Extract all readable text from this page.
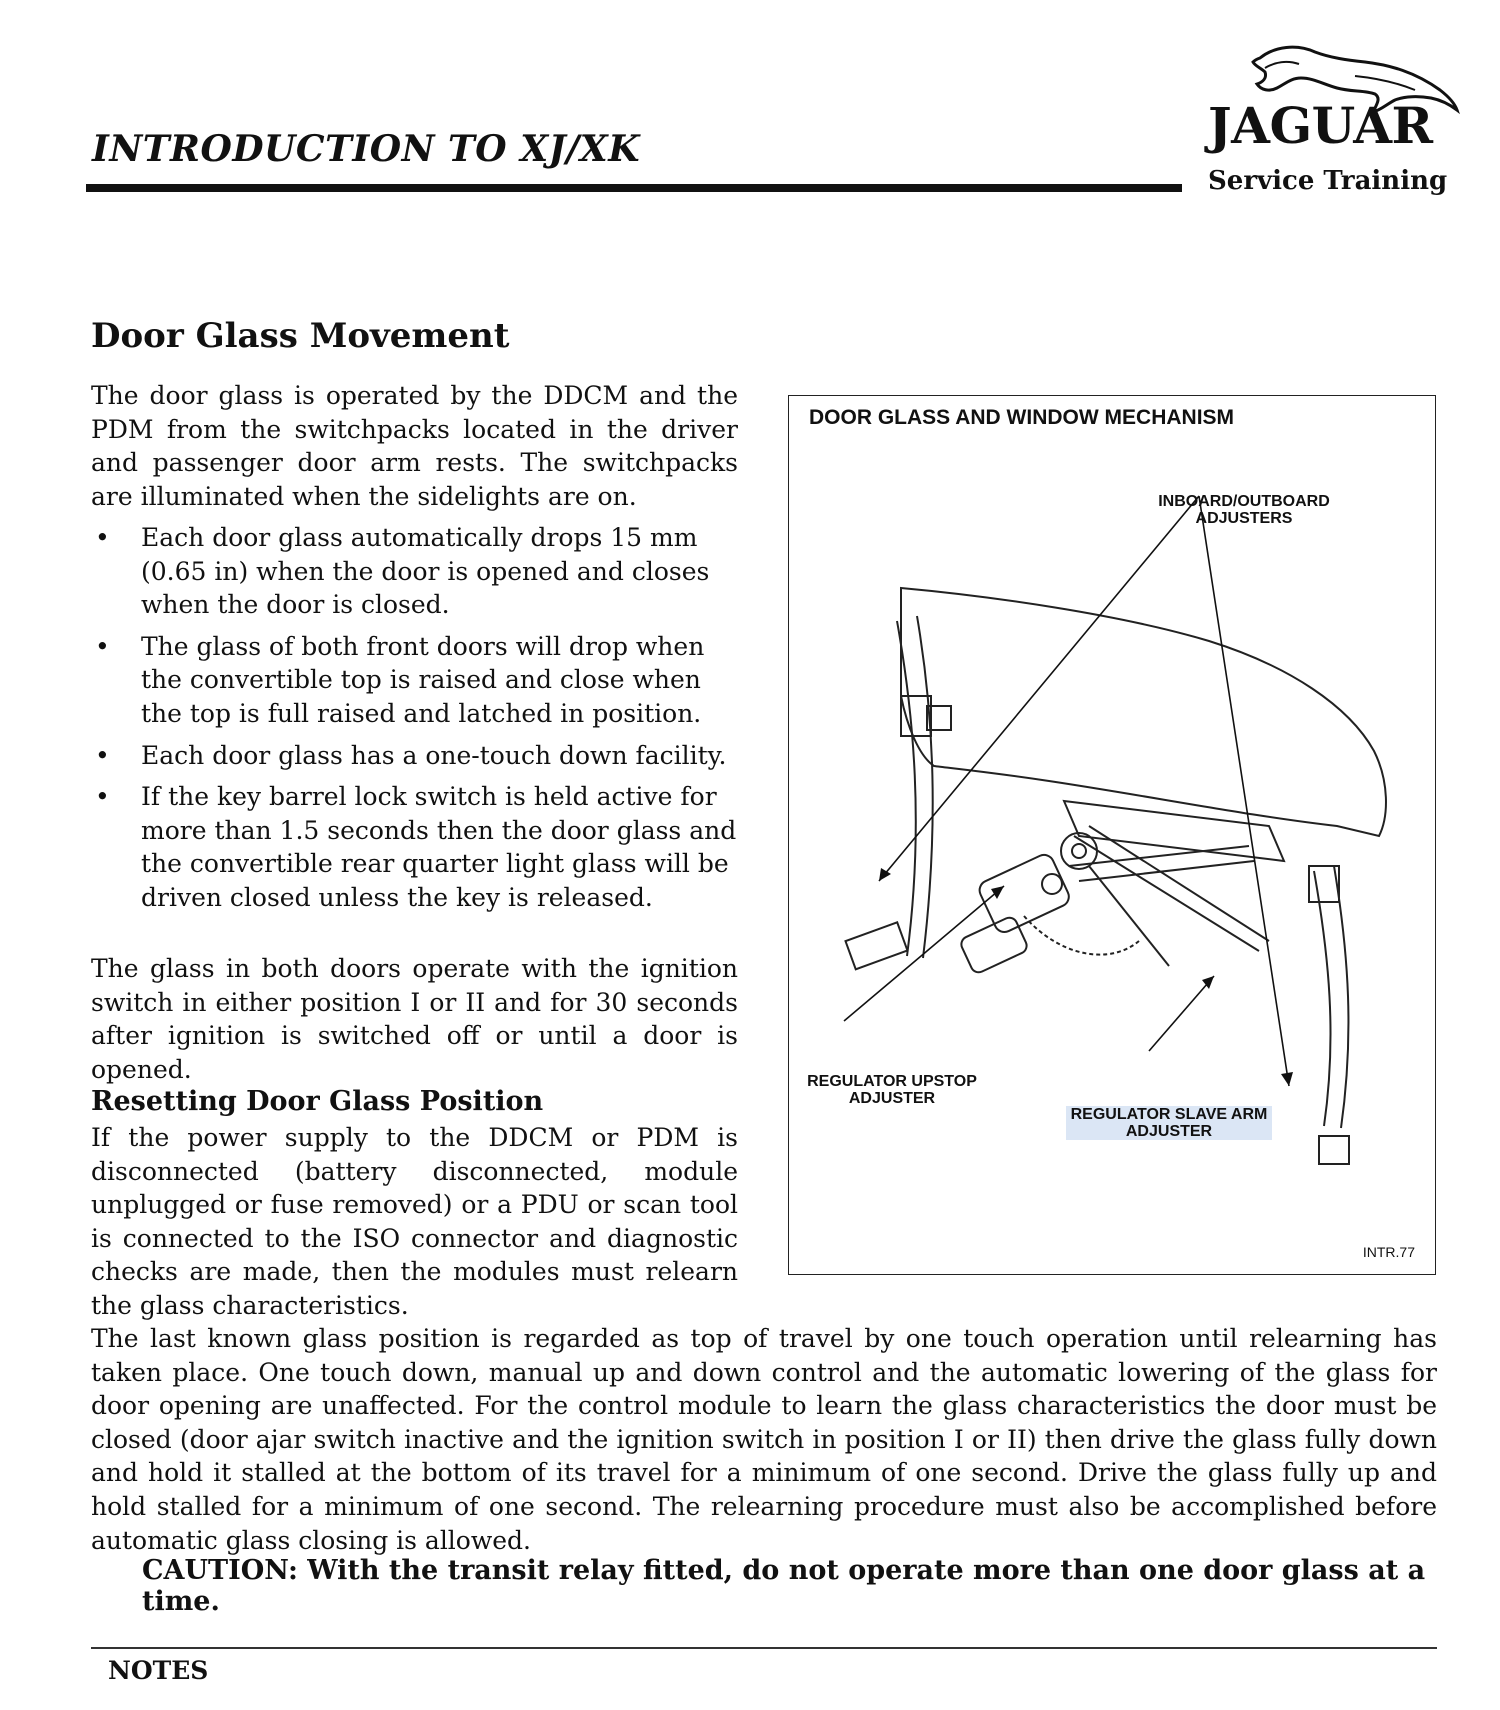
INTRODUCTION TO XJ/XK	JAGUAR

Service Training

Door Glass Movement

The door glass is operated by the DDCM and the PDM from the switchpacks located in the driver and passenger door arm rests. The switchpacks are illuminated when the sidelights are on.

• Each door glass automatically drops 15 mm (0.65 in) when the door is opened and closes when the door is closed.
• The glass of both front doors will drop when the convertible top is raised and close when the top is full raised and latched in position.
• Each door glass has a one-touch down facility.
• If the key barrel lock switch is held active for more than 1.5 seconds then the door glass and the convertible rear quarter light glass will be driven closed unless the key is released.

The glass in both doors operate with the ignition switch in either position I or II and for 30 seconds after ignition is switched off or until a door is opened.

Resetting Door Glass Position

If the power supply to the DDCM or PDM is disconnected (battery disconnected, module unplugged or fuse removed) or a PDU or scan tool is connected to the ISO connector and diagnostic checks are made, then the modules must relearn the glass characteristics.

DOOR GLASS AND WINDOW MECHANISM

INBOARD/OUTBOARD
ADJUSTERS
REGULATOR UPSTOP
ADJUSTER
REGULATOR SLAVE ARM
ADJUSTER
INTR.77

The last known glass position is regarded as top of travel by one touch operation until relearning has taken place. One touch down, manual up and down control and the automatic lowering of the glass for door opening are unaffected. For the control module to learn the glass characteristics the door must be closed (door ajar switch inactive and the ignition switch in position I or II) then drive the glass fully down and hold it stalled at the bottom of its travel for a minimum of one second. Drive the glass fully up and hold stalled for a minimum of one second. The relearning procedure must also be accomplished before automatic glass closing is allowed.

CAUTION: With the transit relay fitted, do not operate more than one door glass at a time.

NOTES
